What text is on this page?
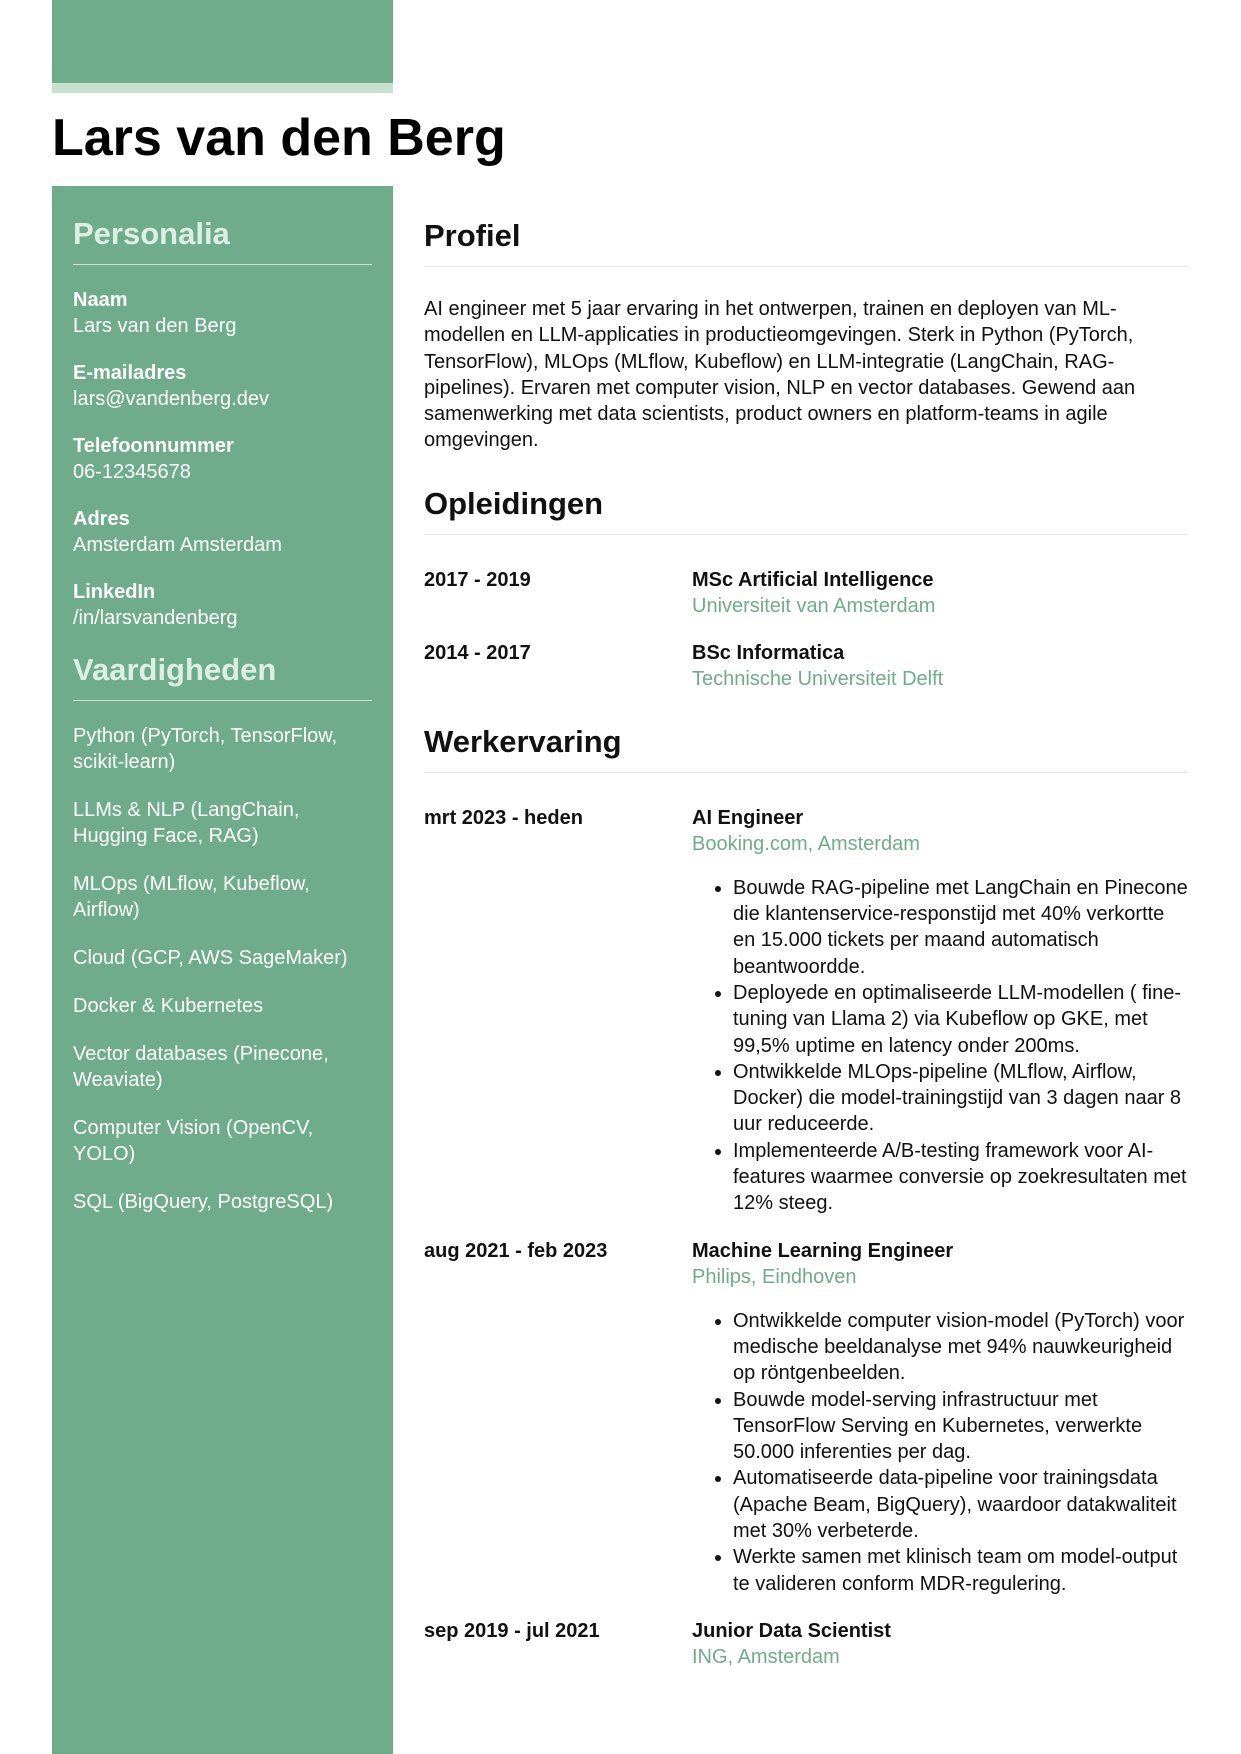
Lars van den Berg
Personalia
Naam
Lars van den Berg
E-mailadres
lars@vandenberg.dev
Telefoonnummer
06-12345678
Adres
Amsterdam Amsterdam
LinkedIn
/in/larsvandenberg
Vaardigheden
Python (PyTorch, TensorFlow, scikit-learn)
LLMs & NLP (LangChain, Hugging Face, RAG)
MLOps (MLflow, Kubeflow, Airflow)
Cloud (GCP, AWS SageMaker)
Docker & Kubernetes
Vector databases (Pinecone, Weaviate)
Computer Vision (OpenCV, YOLO)
SQL (BigQuery, PostgreSQL)
Profiel

AI engineer met 5 jaar ervaring in het ontwerpen, trainen en deployen van ML-modellen en LLM-applicaties in productieomgevingen. Sterk in Python (PyTorch, TensorFlow), MLOps (MLflow, Kubeflow) en LLM-integratie (LangChain, RAG-pipelines). Ervaren met computer vision, NLP en vector databases. Gewend aan samenwerking met data scientists, product owners en platform-teams in agile omgevingen.

Opleidingen
2017 - 2019	MSc Artificial Intelligence
Universiteit van Amsterdam
2014 - 2017	BSc Informatica
Technische Universiteit Delft
Werkervaring
mrt 2023 - heden	AI Engineer
Booking.com, Amsterdam
• Bouwde RAG-pipeline met LangChain en Pinecone die klantenservice-responstijd met 40% verkortte en 15.000 tickets per maand automatisch beantwoordde.
• Deployede en optimaliseerde LLM-modellen ( fine-tuning van Llama 2) via Kubeflow op GKE, met 99,5% uptime en latency onder 200ms.
• Ontwikkelde MLOps-pipeline (MLflow, Airflow, Docker) die model-trainingstijd van 3 dagen naar 8 uur reduceerde.
• Implementeerde A/B-testing framework voor AI-features waarmee conversie op zoekresultaten met 12% steeg.
aug 2021 - feb 2023	Machine Learning Engineer
Philips, Eindhoven
• Ontwikkelde computer vision-model (PyTorch) voor medische beeldanalyse met 94% nauwkeurigheid op röntgenbeelden.
• Bouwde model-serving infrastructuur met TensorFlow Serving en Kubernetes, verwerkte 50.000 inferenties per dag.
• Automatiseerde data-pipeline voor trainingsdata (Apache Beam, BigQuery), waardoor datakwaliteit met 30% verbeterde.
• Werkte samen met klinisch team om model-output te valideren conform MDR-regulering.
sep 2019 - jul 2021	Junior Data Scientist
ING, Amsterdam
